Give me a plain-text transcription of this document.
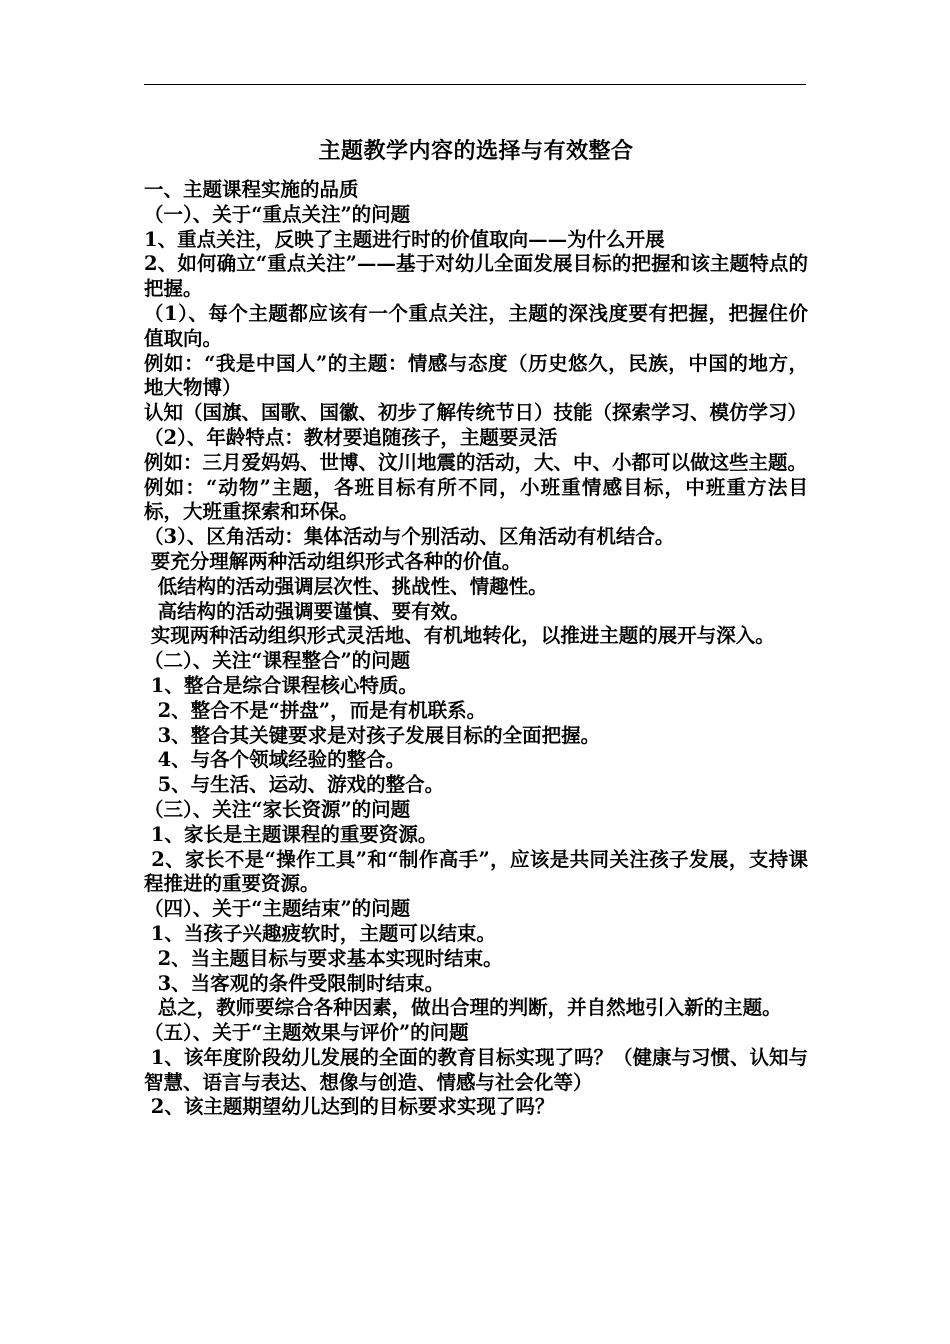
主题教学内容的选择与有效整合
一、主题课程实施的品质
（一）、关于“重点关注”的问题
1、重点关注，反映了主题进行时的价值取向——为什么开展
2、如何确立“重点关注”——基于对幼儿全面发展目标的把握和该主题特点的把握。
（1）、每个主题都应该有一个重点关注，主题的深浅度要有把握，把握住价值取向。
例如：“我是中国人”的主题：情感与态度（历史悠久，民族，中国的地方，地大物博）
认知（国旗、国歌、国徽、初步了解传统节日）技能（探索学习、模仿学习）
（2）、年龄特点：教材要追随孩子，主题要灵活
例如：三月爱妈妈、世博、汶川地震的活动，大、中、小都可以做这些主题。
例如：“动物”主题，各班目标有所不同，小班重情感目标，中班重方法目标，大班重探索和环保。
（3）、区角活动：集体活动与个别活动、区角活动有机结合。
要充分理解两种活动组织形式各种的价值。
低结构的活动强调层次性、挑战性、情趣性。
高结构的活动强调要谨慎、要有效。
实现两种活动组织形式灵活地、有机地转化，以推进主题的展开与深入。
（二）、关注“课程整合”的问题
1、整合是综合课程核心特质。
2、整合不是“拼盘”，而是有机联系。
3、整合其关键要求是对孩子发展目标的全面把握。
4、与各个领域经验的整合。
5、与生活、运动、游戏的整合。
（三）、关注“家长资源”的问题
1、家长是主题课程的重要资源。
2、家长不是“操作工具”和“制作高手”，应该是共同关注孩子发展，支持课程推进的重要资源。
（四）、关于“主题结束”的问题
1、当孩子兴趣疲软时，主题可以结束。
2、当主题目标与要求基本实现时结束。
3、当客观的条件受限制时结束。
总之，教师要综合各种因素，做出合理的判断，并自然地引入新的主题。
（五）、关于“主题效果与评价”的问题
1、该年度阶段幼儿发展的全面的教育目标实现了吗？（健康与习惯、认知与智慧、语言与表达、想像与创造、情感与社会化等）
2、该主题期望幼儿达到的目标要求实现了吗？
